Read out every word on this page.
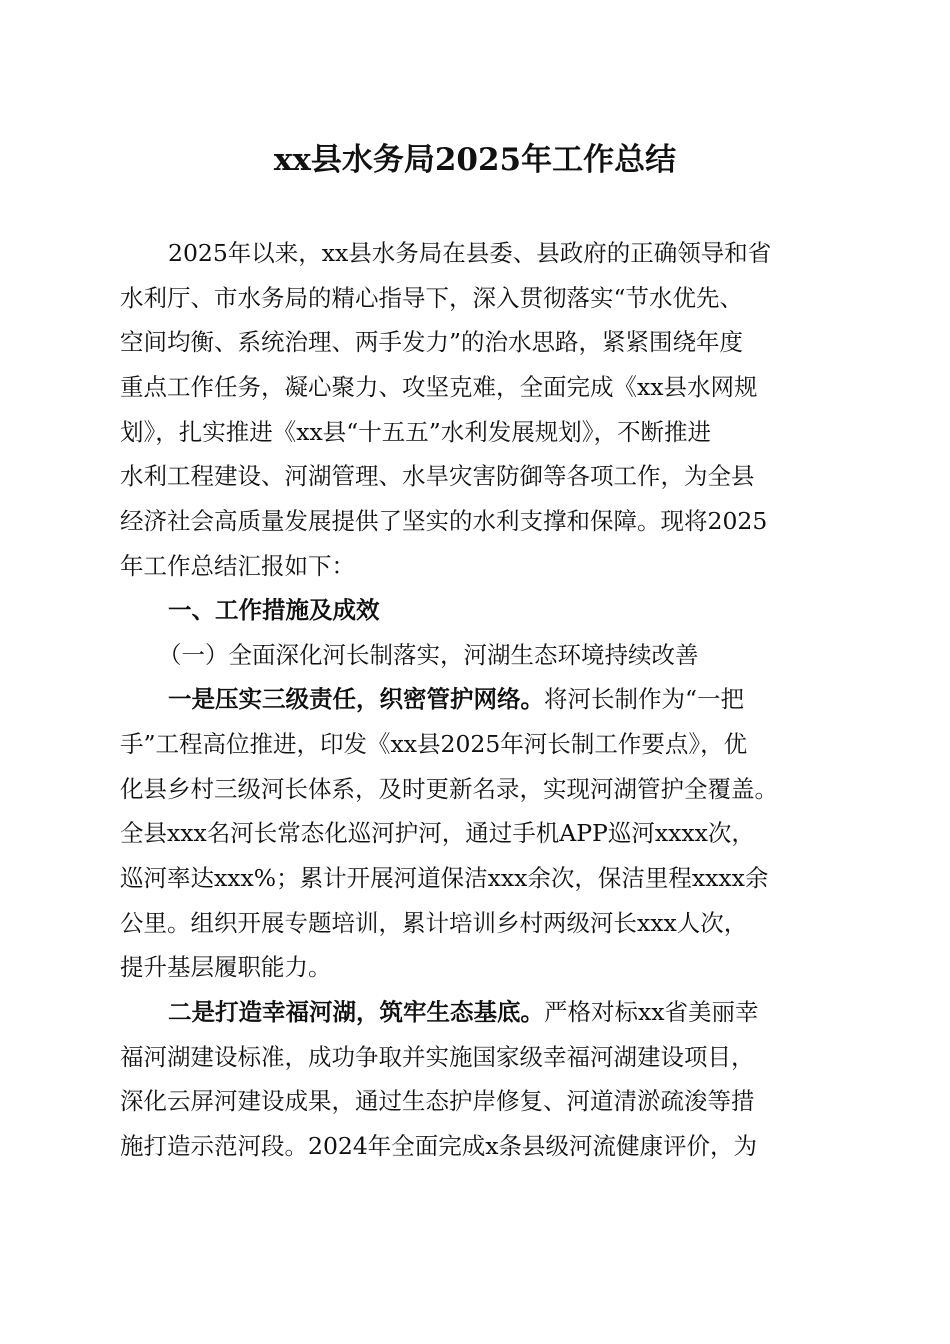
xx县水务局2025年工作总结

2025年以来，xx县水务局在县委、县政府的正确领导和省

水利厅、市水务局的精心指导下，深入贯彻落实“节水优先、

空间均衡、系统治理、两手发力”的治水思路，紧紧围绕年度

重点工作任务，凝心聚力、攻坚克难，全面完成《xx县水网规

划》，扎实推进《xx县“十五五”水利发展规划》，不断推进

水利工程建设、河湖管理、水旱灾害防御等各项工作，为全县

经济社会高质量发展提供了坚实的水利支撑和保障。现将2025

年工作总结汇报如下：

一、工作措施及成效

（一）全面深化河长制落实，河湖生态环境持续改善

一是压实三级责任，织密管护网络。将河长制作为“一把

手”工程高位推进，印发《xx县2025年河长制工作要点》，优

化县乡村三级河长体系，及时更新名录，实现河湖管护全覆盖。

全县xxx名河长常态化巡河护河，通过手机APP巡河xxxx次，

巡河率达xxx%；累计开展河道保洁xxx余次，保洁里程xxxx余

公里。组织开展专题培训，累计培训乡村两级河长xxx人次，

提升基层履职能力。

二是打造幸福河湖，筑牢生态基底。严格对标xx省美丽幸

福河湖建设标准，成功争取并实施国家级幸福河湖建设项目，

深化云屏河建设成果，通过生态护岸修复、河道清淤疏浚等措

施打造示范河段。2024年全面完成x条县级河流健康评价，为
